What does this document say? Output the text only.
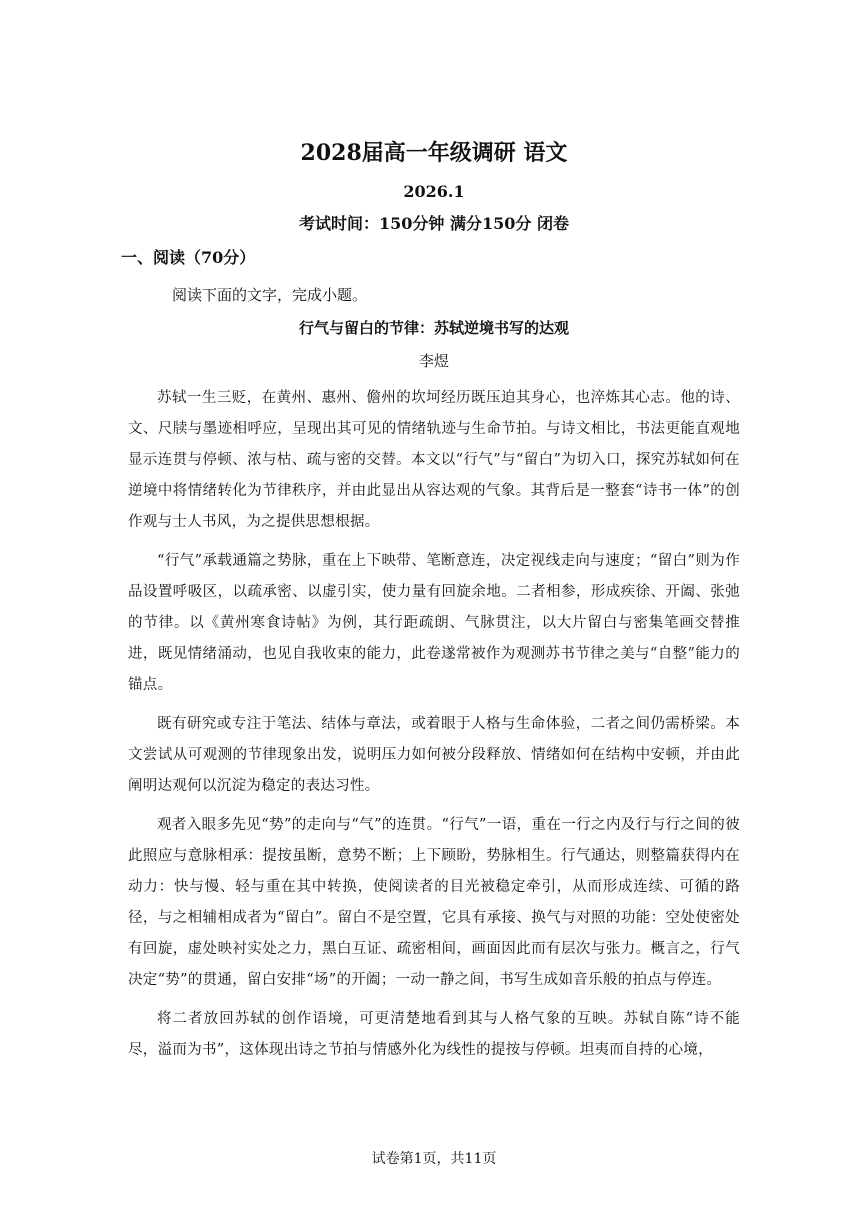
2028届高一年级调研 语文
2026.1
考试时间：150分钟 满分150分 闭卷
一、阅读（70分）
阅读下面的文字，完成小题。
行气与留白的节律：苏轼逆境书写的达观
李煜

苏轼一生三贬，在黄州、惠州、儋州的坎坷经历既压迫其身心，也淬炼其心志。他的诗、文、尺牍与墨迹相呼应，呈现出其可见的情绪轨迹与生命节拍。与诗文相比，书法更能直观地显示连贯与停顿、浓与枯、疏与密的交替。本文以“行气”与“留白”为切入口，探究苏轼如何在逆境中将情绪转化为节律秩序，并由此显出从容达观的气象。其背后是一整套“诗书一体”的创作观与士人书风，为之提供思想根据。

“行气”承载通篇之势脉，重在上下映带、笔断意连，决定视线走向与速度；“留白”则为作品设置呼吸区，以疏承密、以虚引实，使力量有回旋余地。二者相参，形成疾徐、开阖、张弛的节律。以《黄州寒食诗帖》为例，其行距疏朗、气脉贯注，以大片留白与密集笔画交替推进，既见情绪涌动，也见自我收束的能力，此卷遂常被作为观测苏书节律之美与“自整”能力的锚点。

既有研究或专注于笔法、结体与章法，或着眼于人格与生命体验，二者之间仍需桥梁。本文尝试从可观测的节律现象出发，说明压力如何被分段释放、情绪如何在结构中安顿，并由此阐明达观何以沉淀为稳定的表达习性。

观者入眼多先见“势”的走向与“气”的连贯。“行气”一语，重在一行之内及行与行之间的彼此照应与意脉相承：提按虽断，意势不断；上下顾盼，势脉相生。行气通达，则整篇获得内在动力：快与慢、轻与重在其中转换，使阅读者的目光被稳定牵引，从而形成连续、可循的路径，与之相辅相成者为“留白”。留白不是空置，它具有承接、换气与对照的功能：空处使密处有回旋，虚处映衬实处之力，黑白互证、疏密相间，画面因此而有层次与张力。概言之，行气决定“势”的贯通，留白安排“场”的开阖；一动一静之间，书写生成如音乐般的拍点与停连。

将二者放回苏轼的创作语境，可更清楚地看到其与人格气象的互映。苏轼自陈“诗不能尽，溢而为书”，这体现出诗之节拍与情感外化为线性的提按与停顿。坦夷而自持的心境，

试卷第1页，共11页
